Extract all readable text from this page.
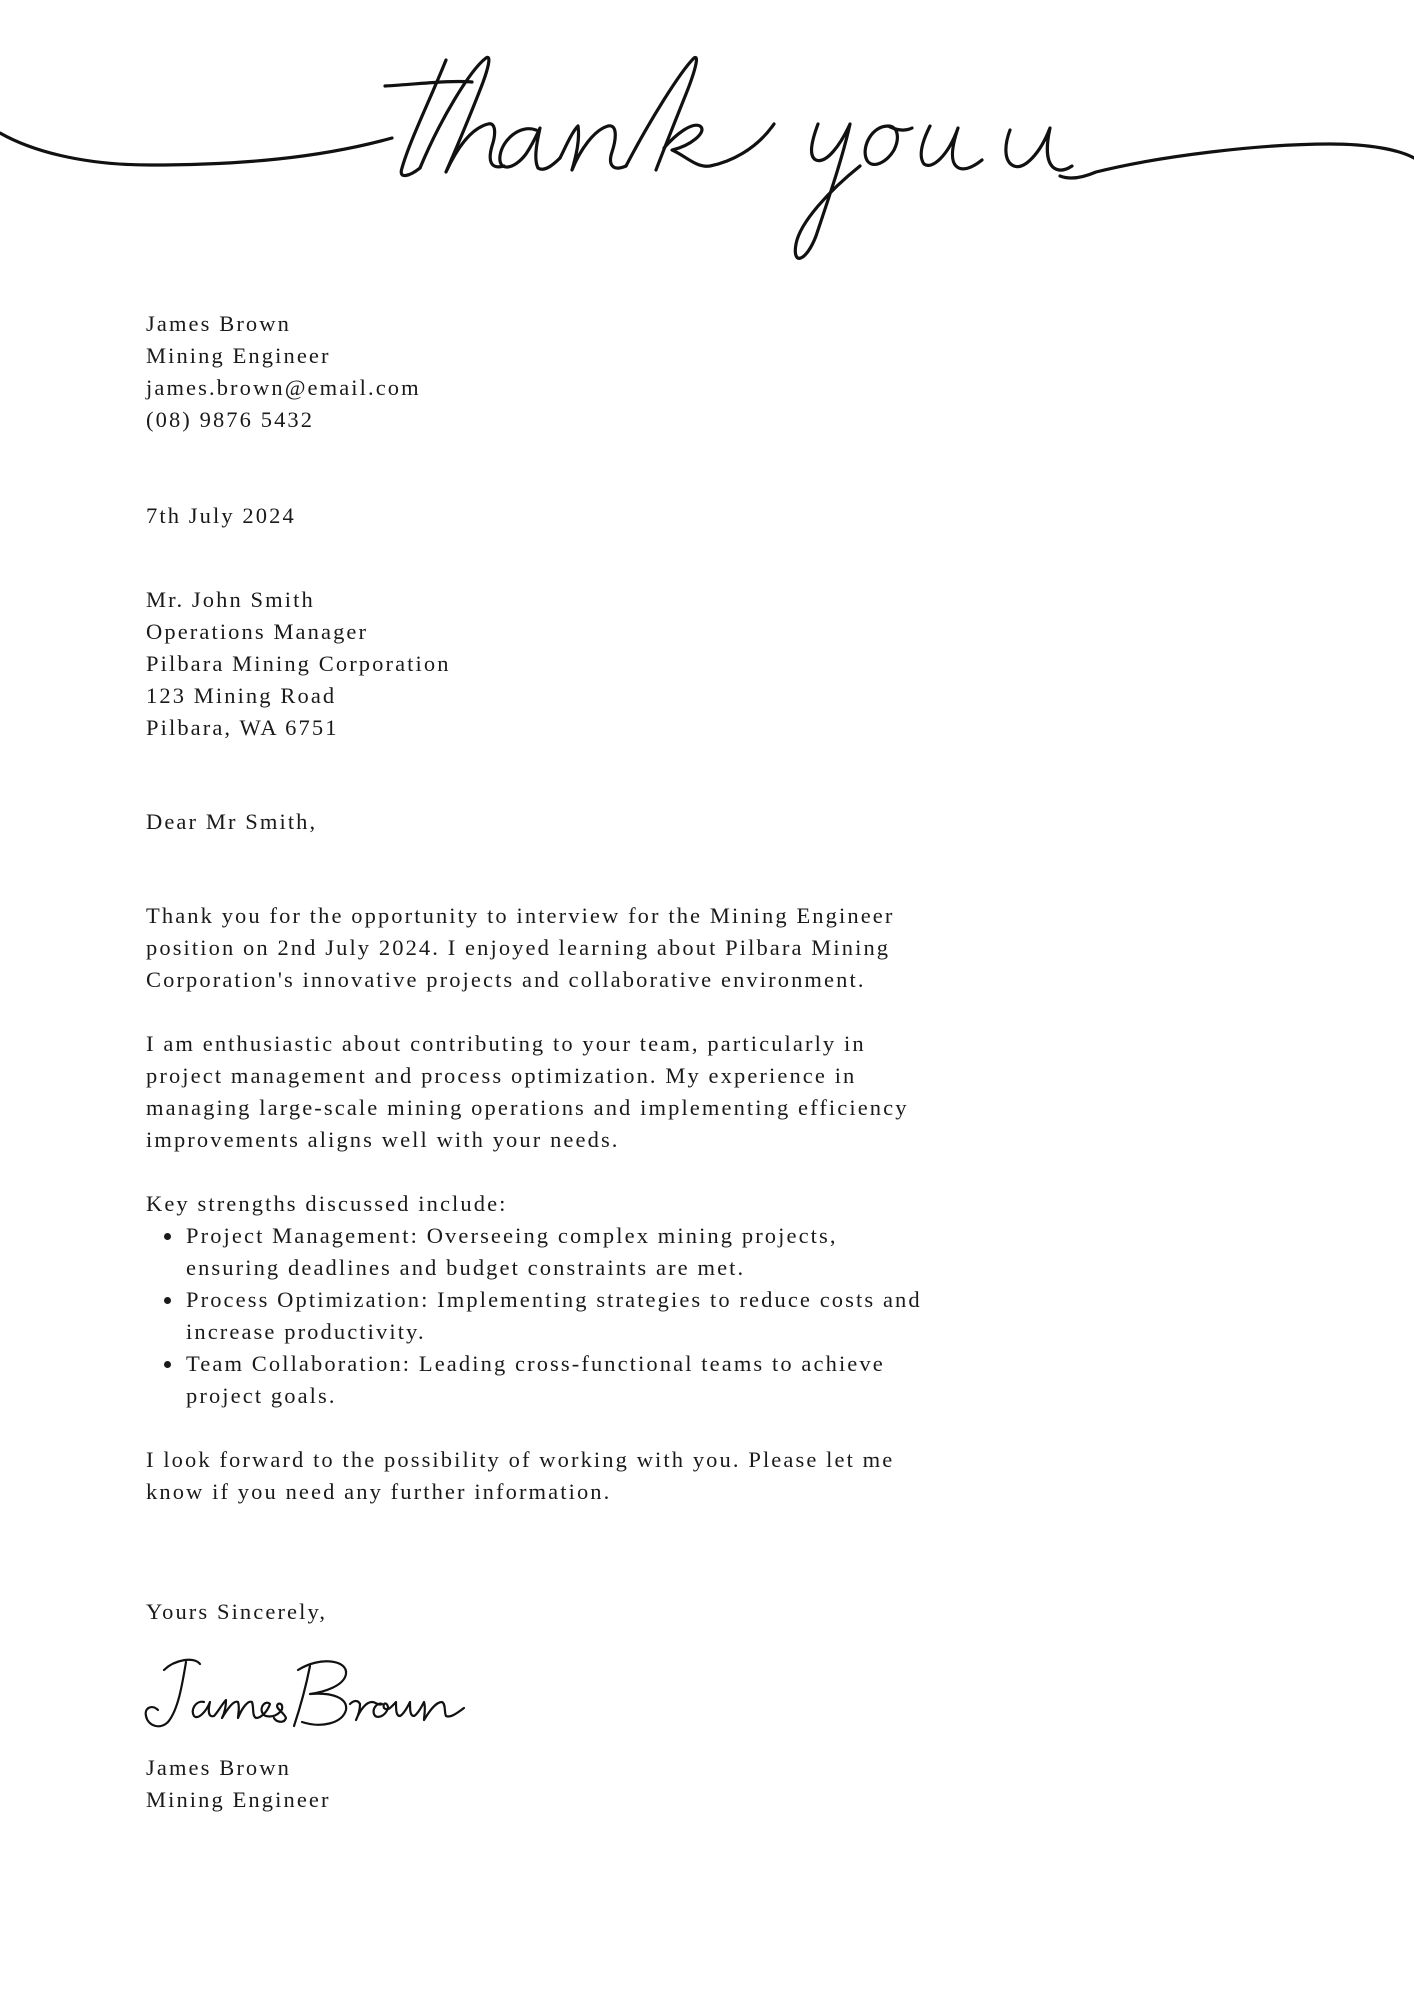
James Brown
Mining Engineer
james.brown@email.com
(08) 9876 5432
7th July 2024
Mr. John Smith
Operations Manager
Pilbara Mining Corporation
123 Mining Road
Pilbara, WA 6751
Dear Mr Smith,
Thank you for the opportunity to interview for the Mining Engineer
position on 2nd July 2024. I enjoyed learning about Pilbara Mining
Corporation's innovative projects and collaborative environment.
I am enthusiastic about contributing to your team, particularly in
project management and process optimization. My experience in
managing large-scale mining operations and implementing efficiency
improvements aligns well with your needs.
Key strengths discussed include:
Project Management: Overseeing complex mining projects,
ensuring deadlines and budget constraints are met.
Process Optimization: Implementing strategies to reduce costs and
increase productivity.
Team Collaboration: Leading cross-functional teams to achieve
project goals.
I look forward to the possibility of working with you. Please let me
know if you need any further information.
Yours Sincerely,
James Brown
Mining Engineer
